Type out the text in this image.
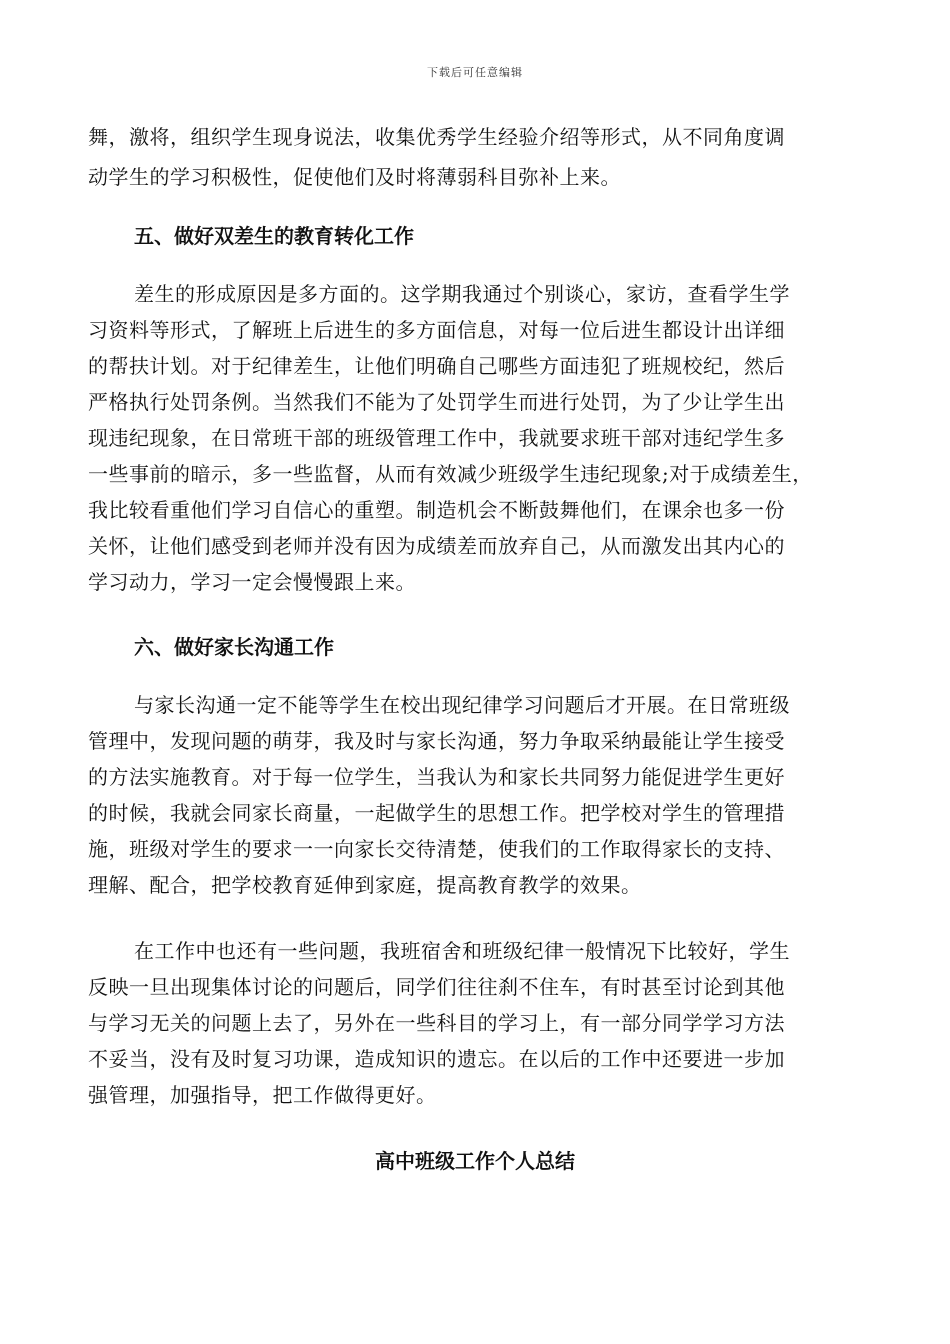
下载后可任意编辑
舞，激将，组织学生现身说法，收集优秀学生经验介绍等形式，从不同角度调
动学生的学习积极性，促使他们及时将薄弱科目弥补上来。
五、做好双差生的教育转化工作
差生的形成原因是多方面的。这学期我通过个别谈心，家访，查看学生学
习资料等形式，了解班上后进生的多方面信息，对每一位后进生都设计出详细
的帮扶计划。对于纪律差生，让他们明确自己哪些方面违犯了班规校纪，然后
严格执行处罚条例。当然我们不能为了处罚学生而进行处罚，为了少让学生出
现违纪现象，在日常班干部的班级管理工作中，我就要求班干部对违纪学生多
一些事前的暗示，多一些监督，从而有效减少班级学生违纪现象;对于成绩差生，
我比较看重他们学习自信心的重塑。制造机会不断鼓舞他们，在课余也多一份
关怀，让他们感受到老师并没有因为成绩差而放弃自己，从而激发出其内心的
学习动力，学习一定会慢慢跟上来。
六、做好家长沟通工作
与家长沟通一定不能等学生在校出现纪律学习问题后才开展。在日常班级
管理中，发现问题的萌芽，我及时与家长沟通，努力争取采纳最能让学生接受
的方法实施教育。对于每一位学生，当我认为和家长共同努力能促进学生更好
的时候，我就会同家长商量，一起做学生的思想工作。把学校对学生的管理措
施，班级对学生的要求一一向家长交待清楚，使我们的工作取得家长的支持、
理解、配合，把学校教育延伸到家庭，提高教育教学的效果。
在工作中也还有一些问题，我班宿舍和班级纪律一般情况下比较好，学生
反映一旦出现集体讨论的问题后，同学们往往刹不住车，有时甚至讨论到其他
与学习无关的问题上去了，另外在一些科目的学习上，有一部分同学学习方法
不妥当，没有及时复习功课，造成知识的遗忘。在以后的工作中还要进一步加
强管理，加强指导，把工作做得更好。
高中班级工作个人总结
